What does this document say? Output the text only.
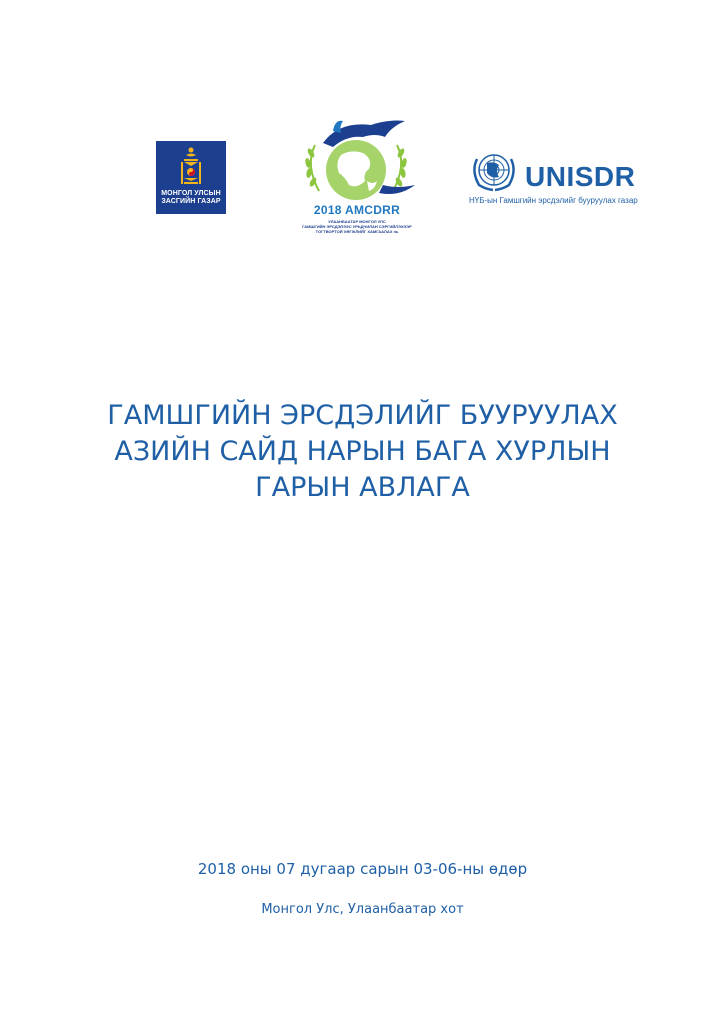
МОНГОЛ УЛСЫН
ЗАСГИЙН ГАЗАР
2018 AMCDRR
УЛААНБААТАР МОНГОЛ УЛС
ГАМШГИЙН ЭРСДЭЛЭЭС УРЬДЧИЛАН СЭРГИЙЛЭХЭЭР
ТОГТВОРТОЙ ХӨГЖЛИЙГ ХАМГААЛАХ нь
UNISDR
НҮБ-ын Гамшгийн эрсдэлийг бууруулах газар
ГАМШГИЙН ЭРСДЭЛИЙГ БУУРУУЛАХ
АЗИЙН САЙД НАРЫН БАГА ХУРЛЫН
ГАРЫН АВЛАГА
2018 оны 07 дугаар сарын 03-06-ны өдөр
Монгол Улс, Улаанбаатар хот
